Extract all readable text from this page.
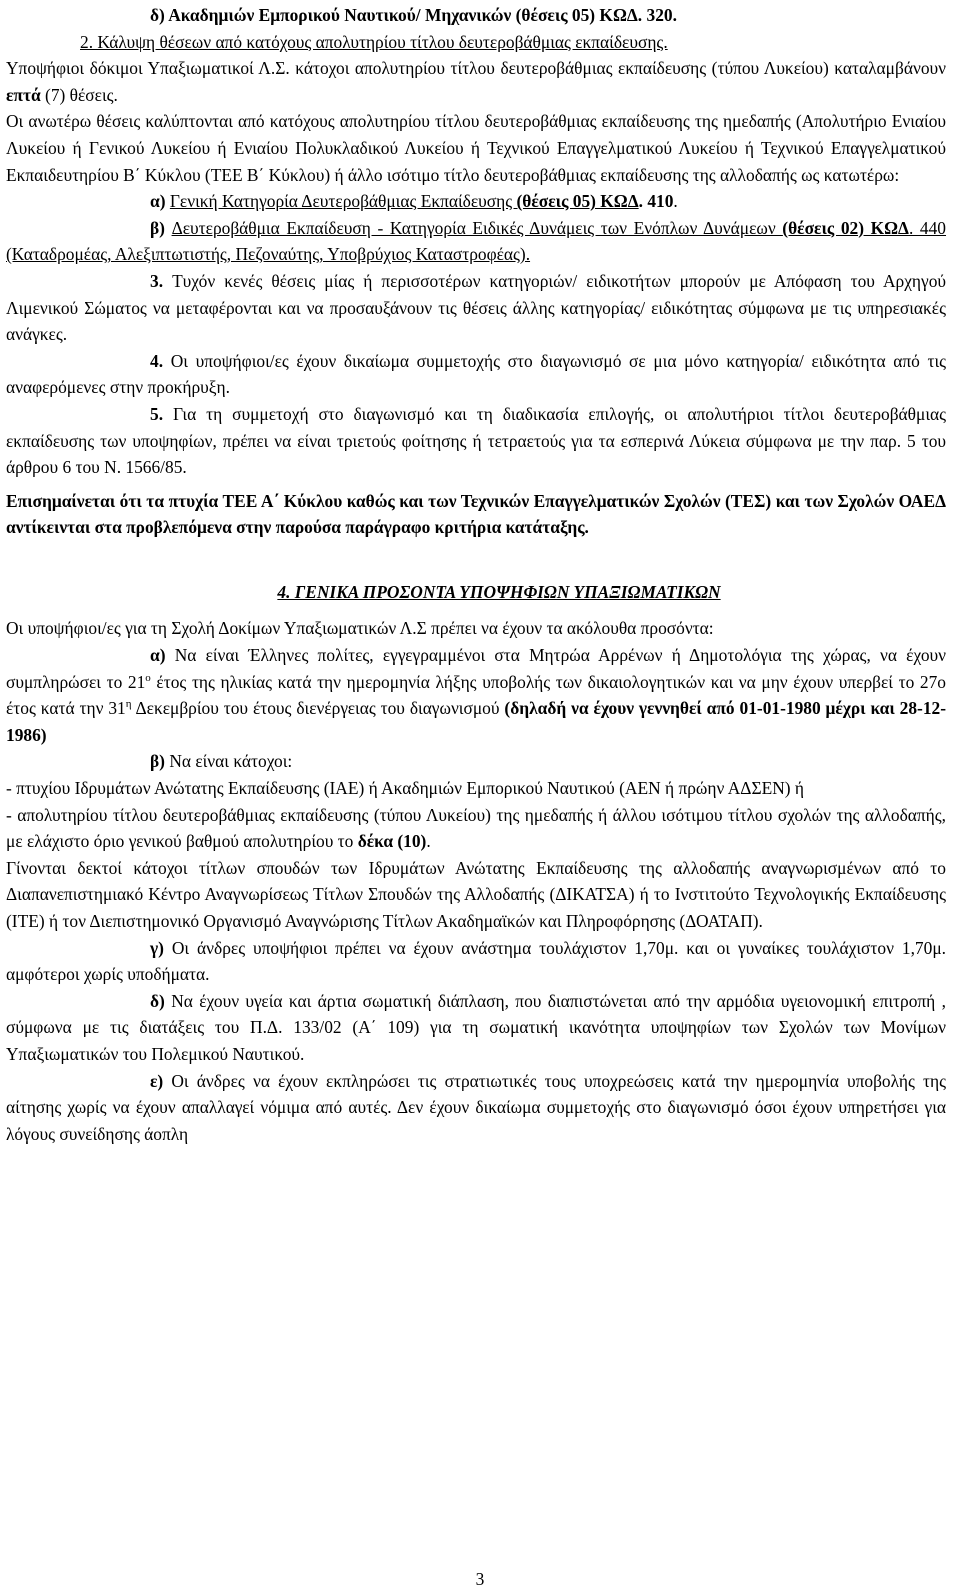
δ) Ακαδημιών Εμπορικού Ναυτικού/ Μηχανικών (θέσεις 05) ΚΩΔ. 320.

2. Κάλυψη θέσεων από κατόχους απολυτηρίου τίτλου δευτεροβάθμιας εκπαίδευσης.

Υποψήφιοι δόκιμοι Υπαξιωματικοί Λ.Σ. κάτοχοι απολυτηρίου τίτλου δευτεροβάθμιας εκπαίδευσης (τύπου Λυκείου) καταλαμβάνουν επτά (7) θέσεις.

Οι ανωτέρω θέσεις καλύπτονται από κατόχους απολυτηρίου τίτλου δευτεροβάθμιας εκπαίδευσης της ημεδαπής (Απολυτήριο Ενιαίου Λυκείου ή Γενικού Λυκείου ή Ενιαίου Πολυκλαδικού Λυκείου ή Τεχνικού Επαγγελματικού Λυκείου ή Τεχνικού Επαγγελματικού Εκπαιδευτηρίου Β΄ Κύκλου (ΤΕΕ Β΄ Κύκλου) ή άλλο ισότιμο τίτλο δευτεροβάθμιας εκπαίδευσης της αλλοδαπής ως κατωτέρω:

α) Γενική Κατηγορία Δευτεροβάθμιας Εκπαίδευσης (θέσεις 05) ΚΩΔ. 410.

β) Δευτεροβάθμια Εκπαίδευση - Κατηγορία Ειδικές Δυνάμεις των Ενόπλων Δυνάμεων (θέσεις 02) ΚΩΔ. 440 (Καταδρομέας, Αλεξιπτωτιστής, Πεζοναύτης, Υποβρύχιος Καταστροφέας).

3. Τυχόν κενές θέσεις μίας ή περισσοτέρων κατηγοριών/ ειδικοτήτων μπορούν με Απόφαση του Αρχηγού Λιμενικού Σώματος να μεταφέρονται και να προσαυξάνουν τις θέσεις άλλης κατηγορίας/ ειδικότητας σύμφωνα με τις υπηρεσιακές ανάγκες.

4. Οι υποψήφιοι/ες έχουν δικαίωμα συμμετοχής στο διαγωνισμό σε μια μόνο κατηγορία/ ειδικότητα από τις αναφερόμενες στην προκήρυξη.

5. Για τη συμμετοχή στο διαγωνισμό και τη διαδικασία επιλογής, οι απολυτήριοι τίτλοι δευτεροβάθμιας εκπαίδευσης των υποψηφίων, πρέπει να είναι τριετούς φοίτησης ή τετραετούς για τα εσπερινά Λύκεια σύμφωνα με την παρ. 5 του άρθρου 6 του Ν. 1566/85.

Επισημαίνεται ότι τα πτυχία ΤΕΕ Α΄ Κύκλου καθώς και των Τεχνικών Επαγγελματικών Σχολών (ΤΕΣ) και των Σχολών ΟΑΕΔ αντίκεινται στα προβλεπόμενα στην παρούσα παράγραφο κριτήρια κατάταξης.

4. ΓΕΝΙΚΑ ΠΡΟΣΟΝΤΑ ΥΠΟΨΗΦΙΩΝ ΥΠΑΞΙΩΜΑΤΙΚΩΝ

Οι υποψήφιοι/ες για τη Σχολή Δοκίμων Υπαξιωματικών Λ.Σ πρέπει να έχουν τα ακόλουθα προσόντα:

α) Να είναι Έλληνες πολίτες, εγγεγραμμένοι στα Μητρώα Αρρένων ή Δημοτολόγια της χώρας, να έχουν συμπληρώσει το $21^o$ έτος της ηλικίας κατά την ημερομηνία λήξης υποβολής των δικαιολογητικών και να μην έχουν υπερβεί το 27ο έτος κατά την $31^\eta$ Δεκεμβρίου του έτους διενέργειας του διαγωνισμού (δηλαδή να έχουν γεννηθεί από 01-01-1980 μέχρι και 28-12- 1986)

β) Να είναι κάτοχοι:

- πτυχίου Ιδρυμάτων Ανώτατης Εκπαίδευσης (ΙΑΕ) ή Ακαδημιών Εμπορικού Ναυτικού (ΑΕΝ ή πρώην ΑΔΣΕΝ) ή

- απολυτηρίου τίτλου δευτεροβάθμιας εκπαίδευσης (τύπου Λυκείου) της ημεδαπής ή άλλου ισότιμου τίτλου σχολών της αλλοδαπής, με ελάχιστο όριο γενικού βαθμού απολυτηρίου το δέκα (10).

Γίνονται δεκτοί κάτοχοι τίτλων σπουδών των Ιδρυμάτων Ανώτατης Εκπαίδευσης της αλλοδαπής αναγνωρισμένων από το Διαπανεπιστημιακό Κέντρο Αναγνωρίσεως Τίτλων Σπουδών της Αλλοδαπής (ΔΙΚΑΤΣΑ) ή το Ινστιτούτο Τεχνολογικής Εκπαίδευσης (ΙΤΕ) ή τον Διεπιστημονικό Οργανισμό Αναγνώρισης Τίτλων Ακαδημαϊκών και Πληροφόρησης (ΔΟΑΤΑΠ).

γ) Οι άνδρες υποψήφιοι πρέπει να έχουν ανάστημα τουλάχιστον 1,70μ. και οι γυναίκες τουλάχιστον 1,70μ. αμφότεροι χωρίς υποδήματα.

δ) Να έχουν υγεία και άρτια σωματική διάπλαση, που διαπιστώνεται από την αρμόδια υγειονομική επιτροπή , σύμφωνα με τις διατάξεις του Π.Δ. 133/02 (Α΄ 109) για τη σωματική ικανότητα υποψηφίων των Σχολών των Μονίμων Υπαξιωματικών του Πολεμικού Ναυτικού.

ε) Οι άνδρες να έχουν εκπληρώσει τις στρατιωτικές τους υποχρεώσεις κατά την ημερομηνία υποβολής της αίτησης χωρίς να έχουν απαλλαγεί νόμιμα από αυτές. Δεν έχουν δικαίωμα συμμετοχής στο διαγωνισμό όσοι έχουν υπηρετήσει για λόγους συνείδησης άοπλη

3
